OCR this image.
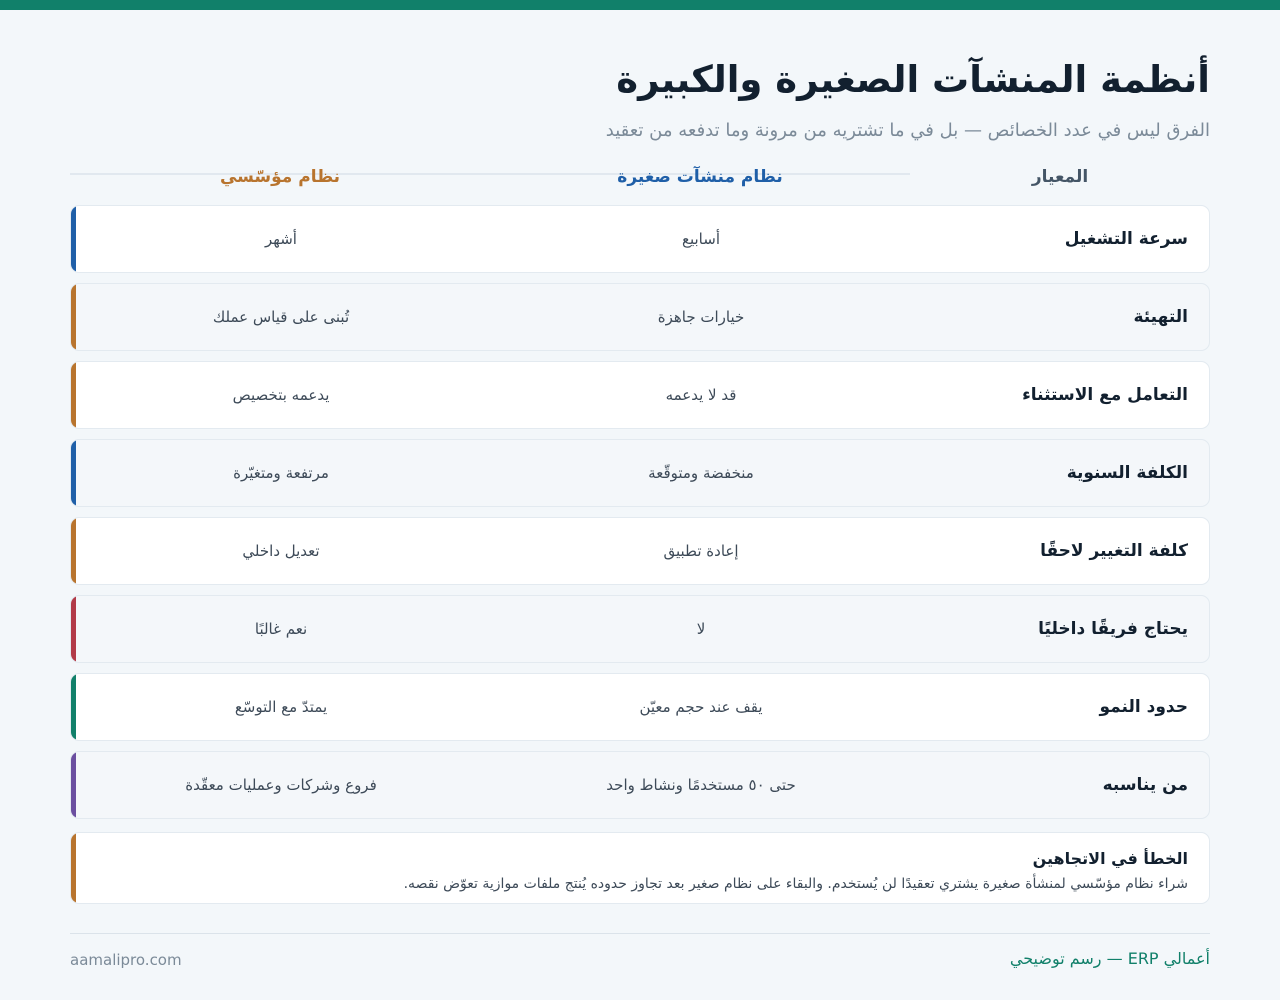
أنظمة المنشآت الصغيرة والكبيرة

الفرق ليس في عدد الخصائص — بل في ما تشتريه من مرونة وما تدفعه من تعقيد

المعيار
نظام منشآت صغيرة
نظام مؤسّسي
سرعة التشغيل
أسابيع
أشهر
التهيئة
خيارات جاهزة
تُبنى على قياس عملك
التعامل مع الاستثناء
قد لا يدعمه
يدعمه بتخصيص
الكلفة السنوية
منخفضة ومتوقّعة
مرتفعة ومتغيّرة
كلفة التغيير لاحقًا
إعادة تطبيق
تعديل داخلي
يحتاج فريقًا داخليًا
لا
نعم غالبًا
حدود النمو
يقف عند حجم معيّن
يمتدّ مع التوسّع
من يناسبه
حتى ٥٠ مستخدمًا ونشاط واحد
فروع وشركات وعمليات معقّدة
الخطأ في الاتجاهين
شراء نظام مؤسّسي لمنشأة صغيرة يشتري تعقيدًا لن يُستخدم. والبقاء على نظام صغير بعد تجاوز حدوده يُنتج ملفات موازية تعوّض نقصه.
أعمالي ERP — رسم توضيحي
aamalipro.com
